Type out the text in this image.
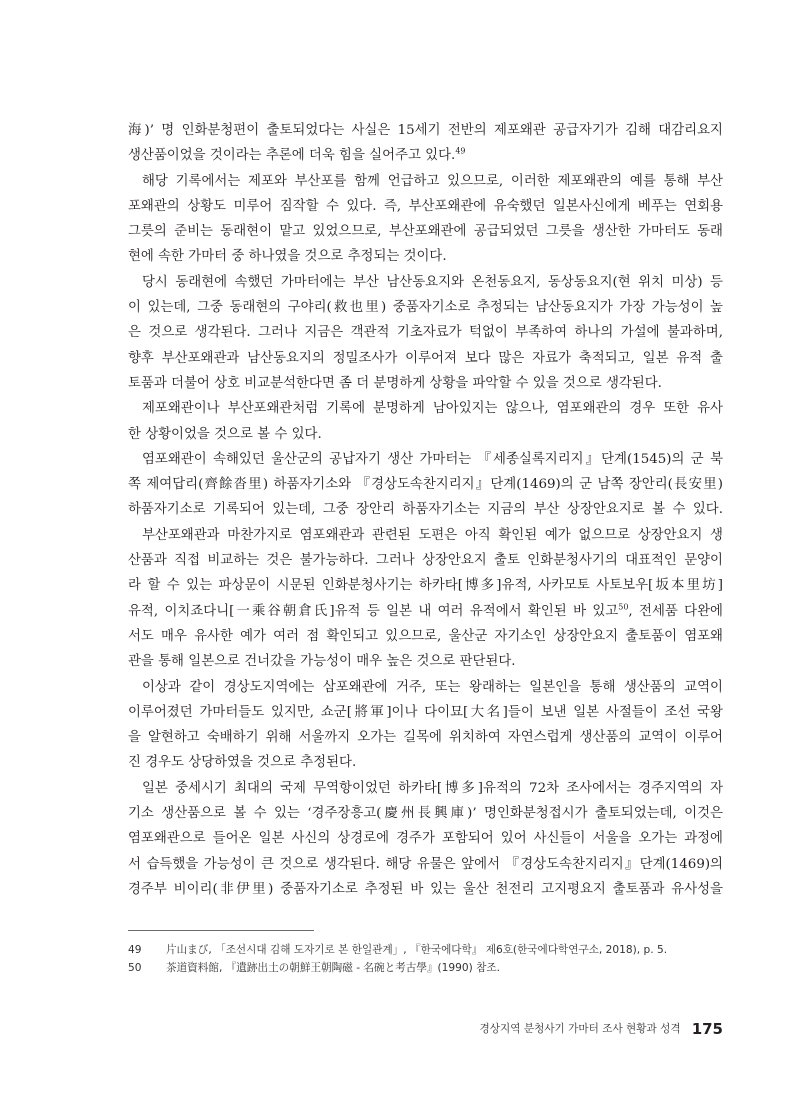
海)’ 명 인화분청편이 출토되었다는 사실은 15세기 전반의 제포왜관 공급자기가 김해 대감리요지
생산품이었을 것이라는 추론에 더욱 힘을 실어주고 있다.$^{49}$
해당 기록에서는 제포와 부산포를 함께 언급하고 있으므로, 이러한 제포왜관의 예를 통해 부산
포왜관의 상황도 미루어 짐작할 수 있다. 즉, 부산포왜관에 유숙했던 일본사신에게 베푸는 연회용
그릇의 준비는 동래현이 맡고 있었으므로, 부산포왜관에 공급되었던 그릇을 생산한 가마터도 동래
현에 속한 가마터 중 하나였을 것으로 추정되는 것이다.
당시 동래현에 속했던 가마터에는 부산 남산동요지와 온천동요지, 동상동요지(현 위치 미상) 등
이 있는데, 그중 동래현의 구야리(救也里) 중품자기소로 추정되는 남산동요지가 가장 가능성이 높
은 것으로 생각된다. 그러나 지금은 객관적 기초자료가 턱없이 부족하여 하나의 가설에 불과하며,
향후 부산포왜관과 남산동요지의 정밀조사가 이루어져 보다 많은 자료가 축적되고, 일본 유적 출
토품과 더불어 상호 비교분석한다면 좀 더 분명하게 상황을 파악할 수 있을 것으로 생각된다.
제포왜관이나 부산포왜관처럼 기록에 분명하게 남아있지는 않으나, 염포왜관의 경우 또한 유사
한 상황이었을 것으로 볼 수 있다.
염포왜관이 속해있던 울산군의 공납자기 생산 가마터는 『세종실록지리지』단계(1545)의 군 북
쪽 제여답리(齊餘沓里) 하품자기소와 『경상도속찬지리지』단계(1469)의 군 남쪽 장안리(長安里)
하품자기소로 기록되어 있는데, 그중 장안리 하품자기소는 지금의 부산 상장안요지로 볼 수 있다.
부산포왜관과 마찬가지로 염포왜관과 관련된 도편은 아직 확인된 예가 없으므로 상장안요지 생
산품과 직접 비교하는 것은 불가능하다. 그러나 상장안요지 출토 인화분청사기의 대표적인 문양이
라 할 수 있는 파상문이 시문된 인화분청사기는 하카타[博多]유적, 사카모토 사토보우[坂本里坊]
유적, 이치죠다니[一乘谷朝倉氏]유적 등 일본 내 여러 유적에서 확인된 바 있고$^{50}$, 전세품 다완에
서도 매우 유사한 예가 여러 점 확인되고 있으므로, 울산군 자기소인 상장안요지 출토품이 염포왜
관을 통해 일본으로 건너갔을 가능성이 매우 높은 것으로 판단된다.
이상과 같이 경상도지역에는 삼포왜관에 거주, 또는 왕래하는 일본인을 통해 생산품의 교역이
이루어졌던 가마터들도 있지만, 쇼군[將軍]이나 다이묘[大名]들이 보낸 일본 사절들이 조선 국왕
을 알현하고 숙배하기 위해 서울까지 오가는 길목에 위치하여 자연스럽게 생산품의 교역이 이루어
진 경우도 상당하였을 것으로 추정된다.
일본 중세시기 최대의 국제 무역항이었던 하카타[博多]유적의 72차 조사에서는 경주지역의 자
기소 생산품으로 볼 수 있는 ‘경주장흥고(慶州長興庫)’ 명인화분청접시가 출토되었는데, 이것은
염포왜관으로 들어온 일본 사신의 상경로에 경주가 포함되어 있어 사신들이 서울을 오가는 과정에
서 습득했을 가능성이 큰 것으로 생각된다. 해당 유물은 앞에서 『경상도속찬지리지』단계(1469)의
경주부 비이리(非伊里) 중품자기소로 추정된 바 있는 울산 천전리 고지평요지 출토품과 유사성을
49 片山まび, 「조선시대 김해 도자기로 본 한일관계」, 『한국에다학』 제6호(한국에다학연구소, 2018), p. 5.
50 茶道資料館, 『遺跡出土の朝鮮王朝陶磁 - 名碗と考古學』(1990) 참조.
경상지역 분청사기 가마터 조사 현황과 성격 175
